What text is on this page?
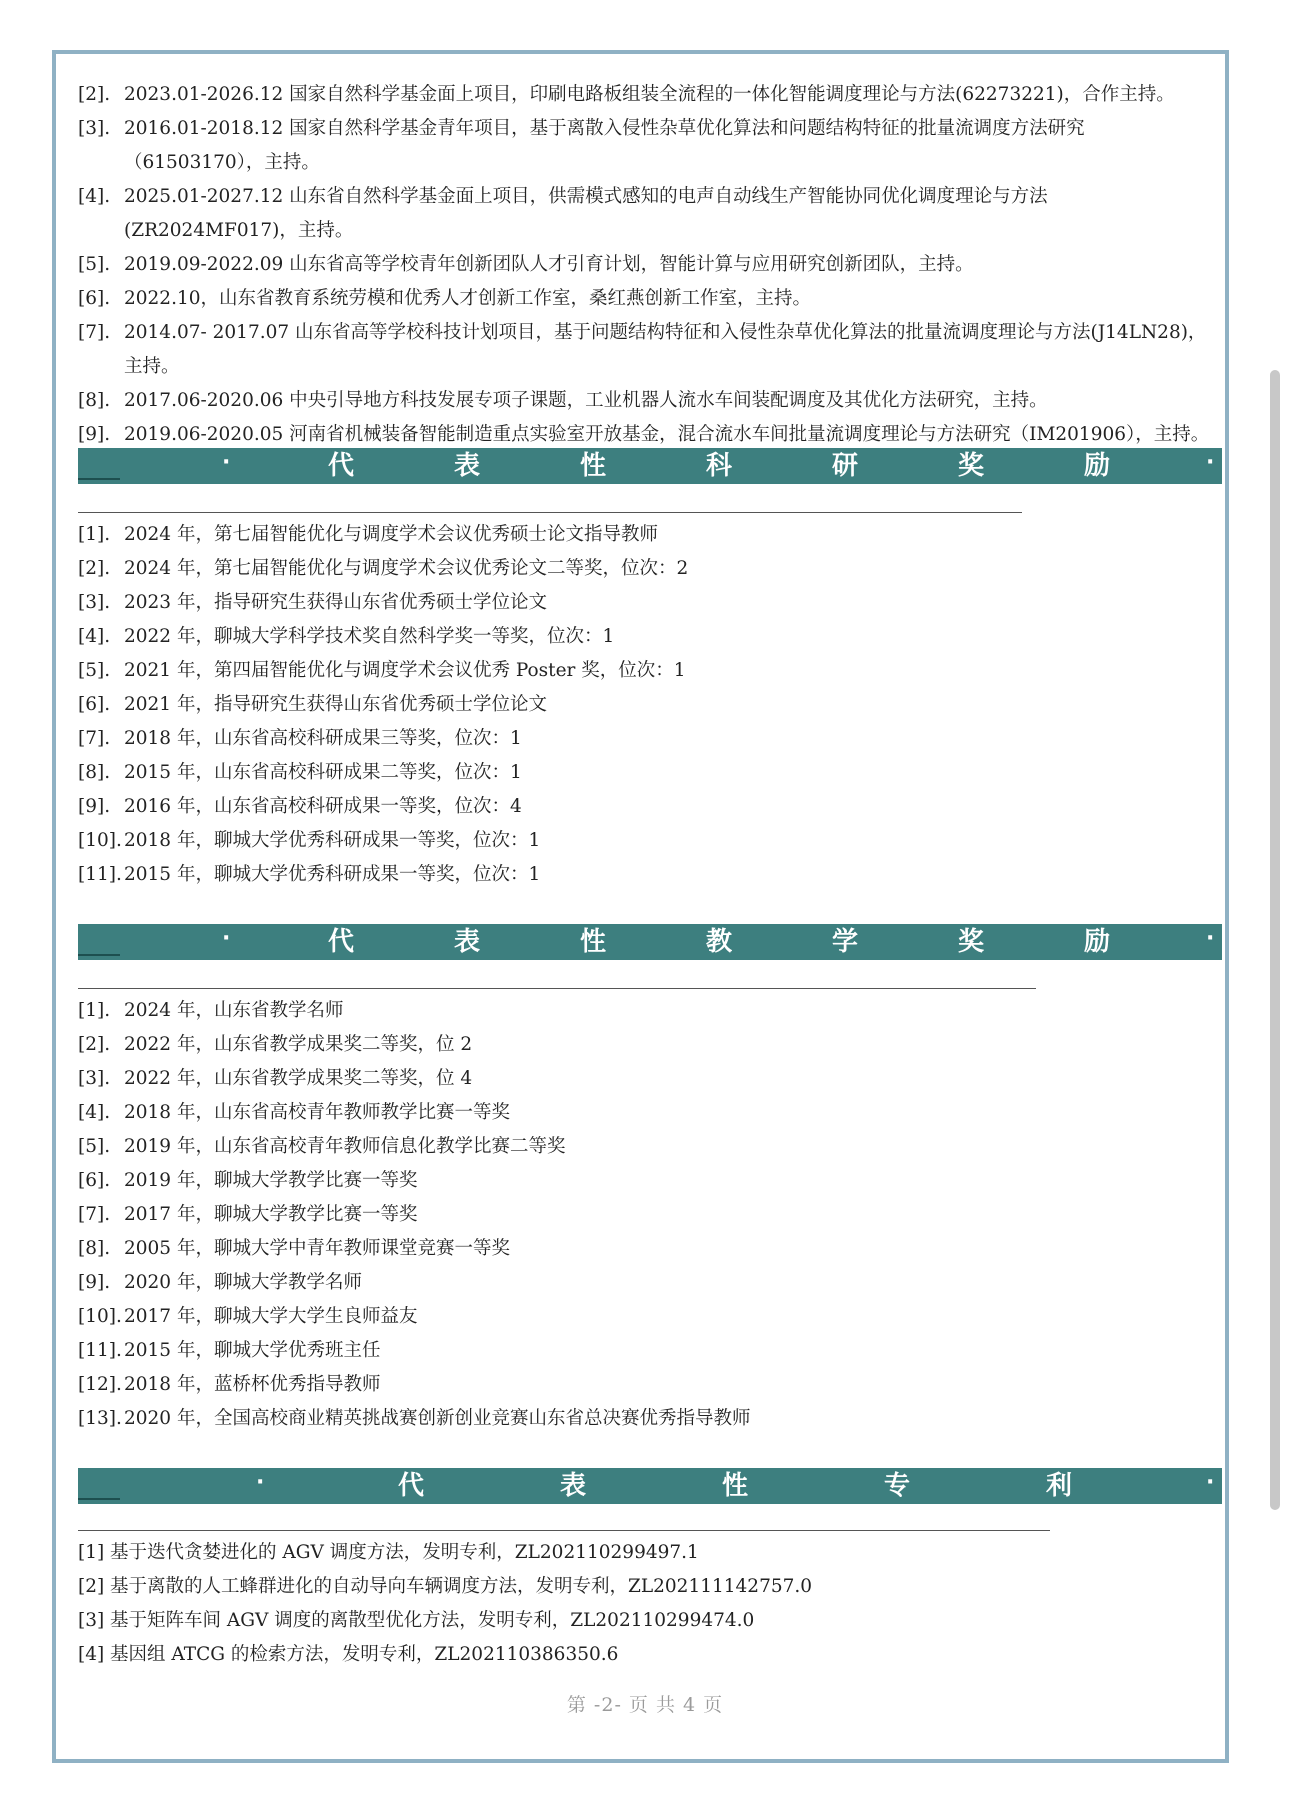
[2]. 2023.01-2026.12 国家自然科学基金面上项目，印刷电路板组装全流程的一体化智能调度理论与方法(62273221)，合作主持。
[3]. 2016.01-2018.12 国家自然科学基金青年项目，基于离散入侵性杂草优化算法和问题结构特征的批量流调度方法研究（61503170），主持。
[4]. 2025.01-2027.12 山东省自然科学基金面上项目，供需模式感知的电声自动线生产智能协同优化调度理论与方法(ZR2024MF017)，主持。
[5]. 2019.09-2022.09 山东省高等学校青年创新团队人才引育计划，智能计算与应用研究创新团队，主持。
[6]. 2022.10，山东省教育系统劳模和优秀人才创新工作室，桑红燕创新工作室，主持。
[7]. 2014.07- 2017.07 山东省高等学校科技计划项目，基于问题结构特征和入侵性杂草优化算法的批量流调度理论与方法(J14LN28)，主持。
[8]. 2017.06-2020.06 中央引导地方科技发展专项子课题，工业机器人流水车间装配调度及其优化方法研究，主持。
[9]. 2019.06-2020.05 河南省机械装备智能制造重点实验室开放基金，混合流水车间批量流调度理论与方法研究（IM201906），主持。
·	代	表	性	科	研	奖	励	·
[1]. 2024 年，第七届智能优化与调度学术会议优秀硕士论文指导教师
[2]. 2024 年，第七届智能优化与调度学术会议优秀论文二等奖，位次：2
[3]. 2023 年，指导研究生获得山东省优秀硕士学位论文
[4]. 2022 年，聊城大学科学技术奖自然科学奖一等奖，位次：1
[5]. 2021 年，第四届智能优化与调度学术会议优秀 Poster 奖，位次：1
[6]. 2021 年，指导研究生获得山东省优秀硕士学位论文
[7]. 2018 年，山东省高校科研成果三等奖，位次：1
[8]. 2015 年，山东省高校科研成果二等奖，位次：1
[9]. 2016 年，山东省高校科研成果一等奖，位次：4
[10]. 2018 年，聊城大学优秀科研成果一等奖，位次：1
[11]. 2015 年，聊城大学优秀科研成果一等奖，位次：1
·	代	表	性	教	学	奖	励	·
[1]. 2024 年，山东省教学名师
[2]. 2022 年，山东省教学成果奖二等奖，位 2
[3]. 2022 年，山东省教学成果奖二等奖，位 4
[4]. 2018 年，山东省高校青年教师教学比赛一等奖
[5]. 2019 年，山东省高校青年教师信息化教学比赛二等奖
[6]. 2019 年，聊城大学教学比赛一等奖
[7]. 2017 年，聊城大学教学比赛一等奖
[8]. 2005 年，聊城大学中青年教师课堂竞赛一等奖
[9]. 2020 年，聊城大学教学名师
[10]. 2017 年，聊城大学大学生良师益友
[11]. 2015 年，聊城大学优秀班主任
[12]. 2018 年，蓝桥杯优秀指导教师
[13]. 2020 年，全国高校商业精英挑战赛创新创业竞赛山东省总决赛优秀指导教师
·	代	表	性	专	利	·
[1] 基于迭代贪婪进化的 AGV 调度方法，发明专利，ZL202110299497.1
[2] 基于离散的人工蜂群进化的自动导向车辆调度方法，发明专利，ZL202111142757.0
[3] 基于矩阵车间 AGV 调度的离散型优化方法，发明专利，ZL202110299474.0
[4] 基因组 ATCG 的检索方法，发明专利，ZL202110386350.6
第 -2- 页 共 4 页
